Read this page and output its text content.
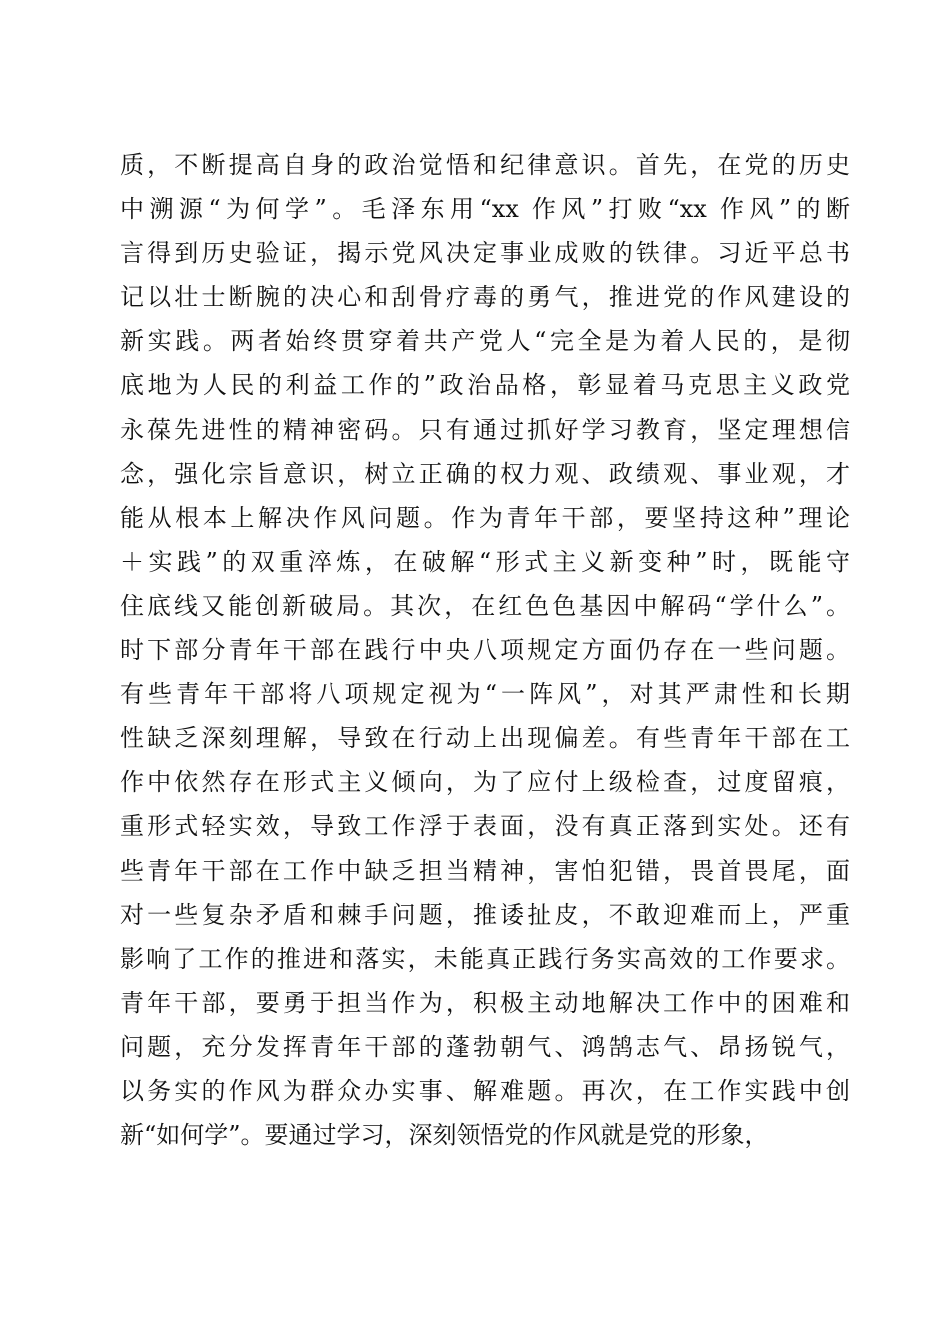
质，不断提高自身的政治觉悟和纪律意识。首先，在党的历史
中溯源“为何学”。毛泽东用“xx 作风”打败“xx 作风”的断
言得到历史验证，揭示党风决定事业成败的铁律。习近平总书
记以壮士断腕的决心和刮骨疗毒的勇气，推进党的作风建设的
新实践。两者始终贯穿着共产党人“完全是为着人民的，是彻
底地为人民的利益工作的”政治品格，彰显着马克思主义政党
永葆先进性的精神密码。只有通过抓好学习教育，坚定理想信
念，强化宗旨意识，树立正确的权力观、政绩观、事业观，才
能从根本上解决作风问题。作为青年干部，要坚持这种”理论
＋实践”的双重淬炼，在破解“形式主义新变种”时，既能守
住底线又能创新破局。其次，在红色色基因中解码“学什么”。
时下部分青年干部在践行中央八项规定方面仍存在一些问题。
有些青年干部将八项规定视为“一阵风”，对其严肃性和长期
性缺乏深刻理解，导致在行动上出现偏差。有些青年干部在工
作中依然存在形式主义倾向，为了应付上级检查，过度留痕，
重形式轻实效，导致工作浮于表面，没有真正落到实处。还有
些青年干部在工作中缺乏担当精神，害怕犯错，畏首畏尾，面
对一些复杂矛盾和棘手问题，推诿扯皮，不敢迎难而上，严重
影响了工作的推进和落实，未能真正践行务实高效的工作要求。
青年干部，要勇于担当作为，积极主动地解决工作中的困难和
问题，充分发挥青年干部的蓬勃朝气、鸿鹄志气、昂扬锐气，
以务实的作风为群众办实事、解难题。再次，在工作实践中创
新“如何学”。要通过学习，深刻领悟党的作风就是党的形象，
